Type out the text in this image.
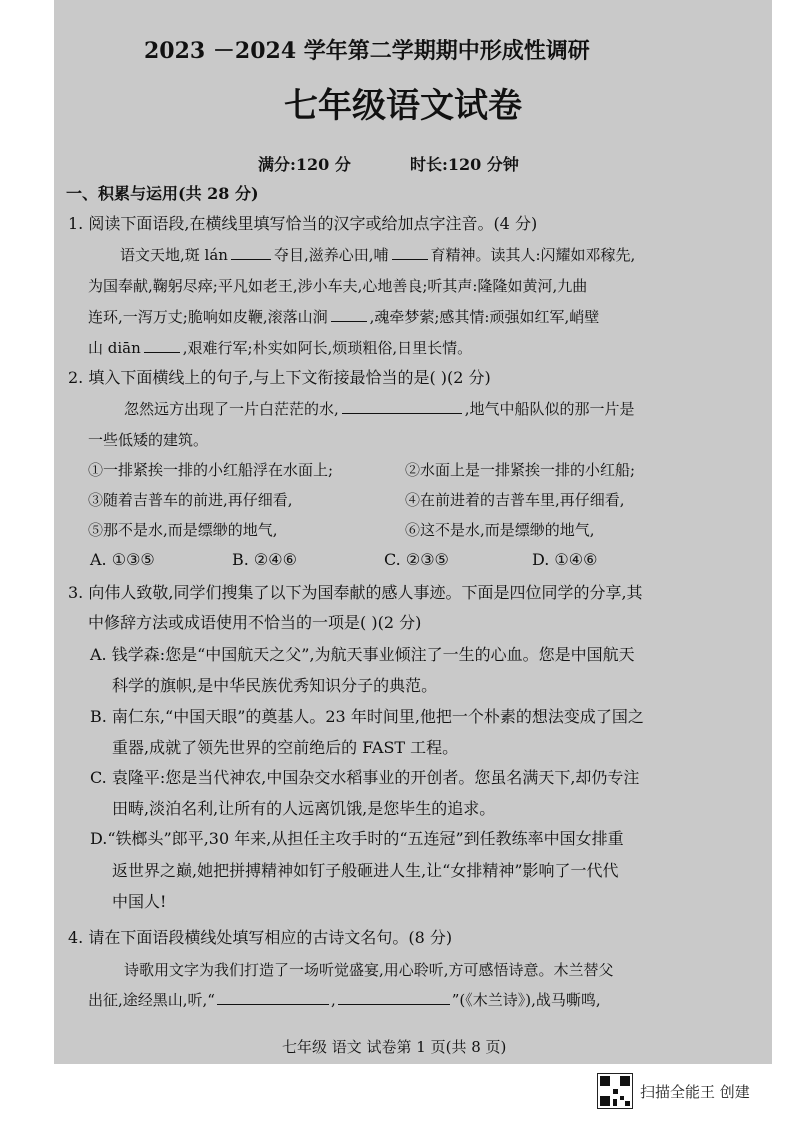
2023 －2024 学年第二学期期中形成性调研
七年级语文试卷
满分:120 分	时长:120 分钟
一、积累与运用(共 28 分)
1. 阅读下面语段,在横线里填写恰当的汉字或给加点字注音。(4 分)
语文天地,斑 lán	夺目,滋养心田,哺	育精神。读其人:闪耀如邓稼先,
为国奉献,鞠躬尽瘁;平凡如老王,涉小车夫,心地善良;听其声:隆隆如黄河,九曲
连环,一泻万丈;脆响如皮鞭,滚落山涧	,魂牵梦萦;感其情:顽强如红军,峭壁
山 diān	,艰难行军;朴实如阿长,烦琐粗俗,日里长情。
2. 填入下面横线上的句子,与上下文衔接最恰当的是( )(2 分)
忽然远方出现了一片白茫茫的水,	,地气中船队似的那一片是
一些低矮的建筑。
①一排紧挨一排的小红船浮在水面上;	②水面上是一排紧挨一排的小红船;
③随着吉普车的前进,再仔细看,	④在前进着的吉普车里,再仔细看,
⑤那不是水,而是缥缈的地气,	⑥这不是水,而是缥缈的地气,
A. ①③⑤	B. ②④⑥	C. ②③⑤	D. ①④⑥
3. 向伟人致敬,同学们搜集了以下为国奉献的感人事迹。下面是四位同学的分享,其
中修辞方法或成语使用不恰当的一项是( )(2 分)
A. 钱学森:您是“中国航天之父”,为航天事业倾注了一生的心血。您是中国航天
科学的旗帜,是中华民族优秀知识分子的典范。
B. 南仁东,“中国天眼”的奠基人。23 年时间里,他把一个朴素的想法变成了国之
重器,成就了领先世界的空前绝后的 FAST 工程。
C. 袁隆平:您是当代神农,中国杂交水稻事业的开创者。您虽名满天下,却仍专注
田畴,淡泊名利,让所有的人远离饥饿,是您毕生的追求。
D.“铁榔头”郎平,30 年来,从担任主攻手时的“五连冠”到任教练率中国女排重
返世界之巅,她把拼搏精神如钉子般砸进人生,让“女排精神”影响了一代代
中国人!
4. 请在下面语段横线处填写相应的古诗文名句。(8 分)
诗歌用文字为我们打造了一场听觉盛宴,用心聆听,方可感悟诗意。木兰替父
出征,途经黑山,听,“	,	”(《木兰诗》),战马嘶鸣,
七年级 语文 试卷第 1 页(共 8 页)
扫描全能王 创建
